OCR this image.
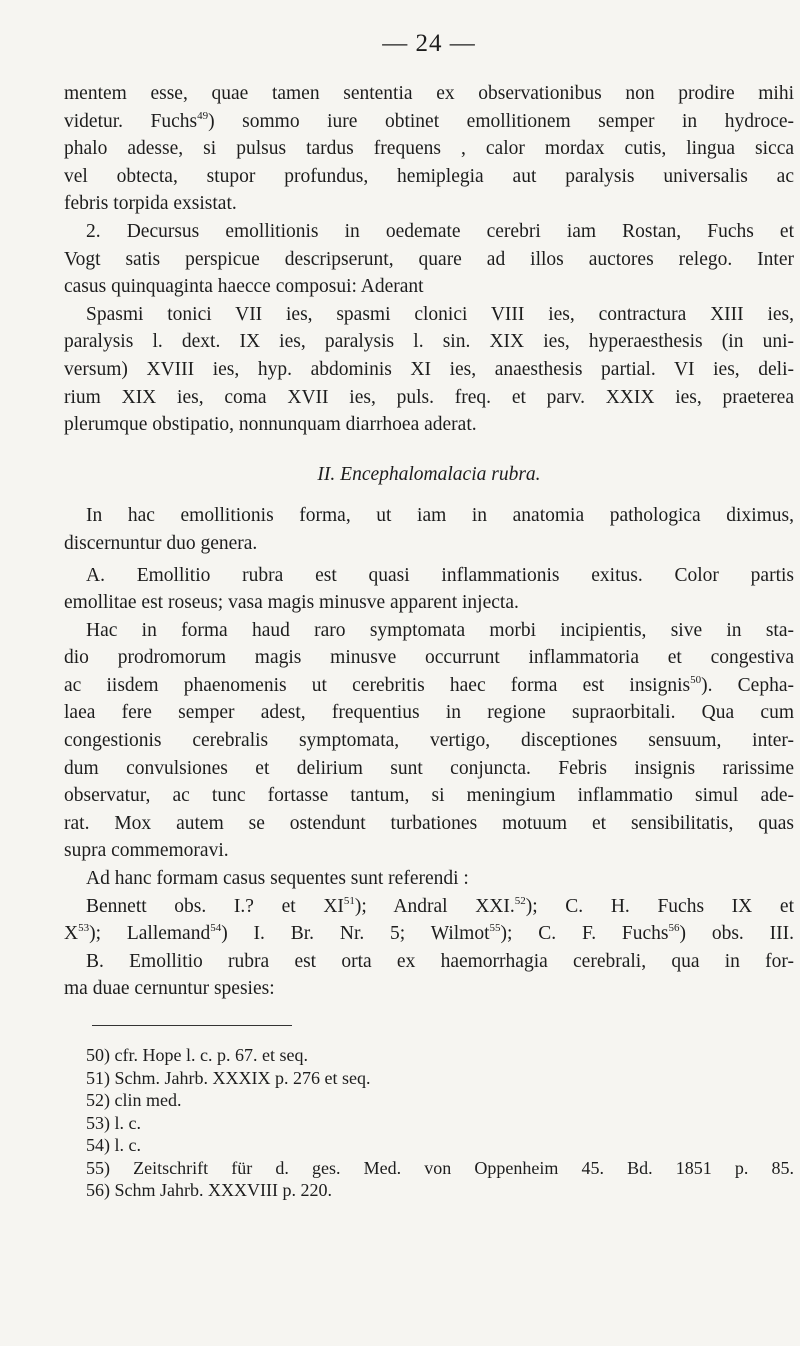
— 24 —
mentem esse, quae tamen sententia ex observationibus non prodire mihi
videtur. Fuchs$^{49}$) sommo iure obtinet emollitionem semper in hydroce-
phalo adesse, si pulsus tardus frequens , calor mordax cutis, lingua sicca
vel obtecta, stupor profundus, hemiplegia aut paralysis universalis ac
febris torpida exsistat.
2. Decursus emollitionis in oedemate cerebri iam Rostan, Fuchs et
Vogt satis perspicue descripserunt, quare ad illos auctores relego. Inter
casus quinquaginta haecce composui: Aderant
Spasmi tonici VII ies, spasmi clonici VIII ies, contractura XIII ies,
paralysis l. dext. IX ies, paralysis l. sin. XIX ies, hyperaesthesis (in uni-
versum) XVIII ies, hyp. abdominis XI ies, anaesthesis partial. VI ies, deli-
rium XIX ies, coma XVII ies, puls. freq. et parv. XXIX ies, praeterea
plerumque obstipatio, nonnunquam diarrhoea aderat.
II. Encephalomalacia rubra.
In hac emollitionis forma, ut iam in anatomia pathologica diximus,
discernuntur duo genera.
A. Emollitio rubra est quasi inflammationis exitus. Color partis
emollitae est roseus; vasa magis minusve apparent injecta.
Hac in forma haud raro symptomata morbi incipientis, sive in sta-
dio prodromorum magis minusve occurrunt inflammatoria et congestiva
ac iisdem phaenomenis ut cerebritis haec forma est insignis$^{50}$). Cepha-
laea fere semper adest, frequentius in regione supraorbitali. Qua cum
congestionis cerebralis symptomata, vertigo, disceptiones sensuum, inter-
dum convulsiones et delirium sunt conjuncta. Febris insignis rarissime
observatur, ac tunc fortasse tantum, si meningium inflammatio simul ade-
rat. Mox autem se ostendunt turbationes motuum et sensibilitatis, quas
supra commemoravi.
Ad hanc formam casus sequentes sunt referendi :
Bennett obs. I.? et XI$^{51}$); Andral XXI.$^{52}$); C. H. Fuchs IX et
$X^{53}$); Lallemand$^{54}$) I. Br. Nr. 5; Wilmot$^{55}$); C. F. Fuchs$^{56}$) obs. III.
B. Emollitio rubra est orta ex haemorrhagia cerebrali, qua in for-
ma duae cernuntur spesies:
50) cfr. Hope l. c. p. 67. et seq.
51) Schm. Jahrb. XXXIX p. 276 et seq.
52) clin med.
53) l. c.
54) l. c.
55) Zeitschrift für d. ges. Med. von Oppenheim 45. Bd. 1851 p. 85.
56) Schm Jahrb. XXXVIII p. 220.
